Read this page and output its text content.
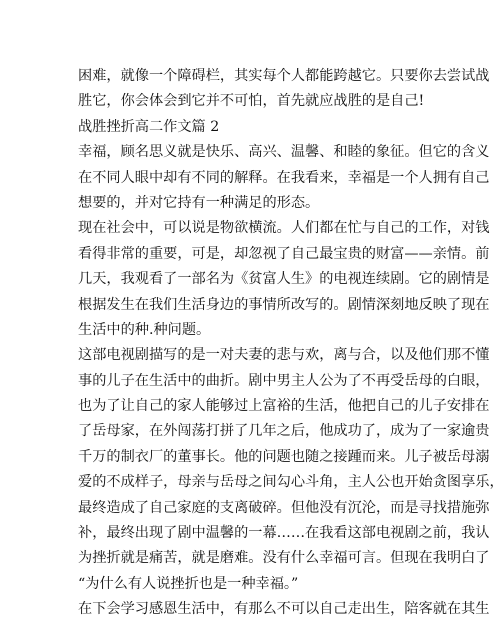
困难，就像一个障碍栏，其实每个人都能跨越它。只要你去尝试战
胜它，你会体会到它并不可怕，首先就应战胜的是自己!
战胜挫折高二作文篇 2
幸福，顾名思义就是快乐、高兴、温馨、和睦的象征。但它的含义
在不同人眼中却有不同的解释。在我看来，幸福是一个人拥有自己
想要的，并对它持有一种满足的形态。
现在社会中，可以说是物欲横流。人们都在忙与自己的工作，对钱
看得非常的重要，可是，却忽视了自己最宝贵的财富——亲情。前
几天，我观看了一部名为《贫富人生》的电视连续剧。它的剧情是
根据发生在我们生活身边的事情所改写的。剧情深刻地反映了现在
生活中的种.种问题。
这部电视剧描写的是一对夫妻的悲与欢，离与合，以及他们那不懂
事的儿子在生活中的曲折。剧中男主人公为了不再受岳母的白眼，
也为了让自己的家人能够过上富裕的生活，他把自己的儿子安排在
了岳母家，在外闯荡打拼了几年之后，他成功了，成为了一家逾贵
千万的制衣厂的董事长。他的问题也随之接踵而来。儿子被岳母溺
爱的不成样子，母亲与岳母之间勾心斗角，主人公也开始贪图享乐，
最终造成了自己家庭的支离破碎。但他没有沉沦，而是寻找措施弥
补，最终出现了剧中温馨的一幕……在我看这部电视剧之前，我认
为挫折就是痛苦，就是磨难。没有什么幸福可言。但现在我明白了
“为什么有人说挫折也是一种幸福。”
在下会学习感恩生活中，有那么不可以自己走出生，陪客就在其生
